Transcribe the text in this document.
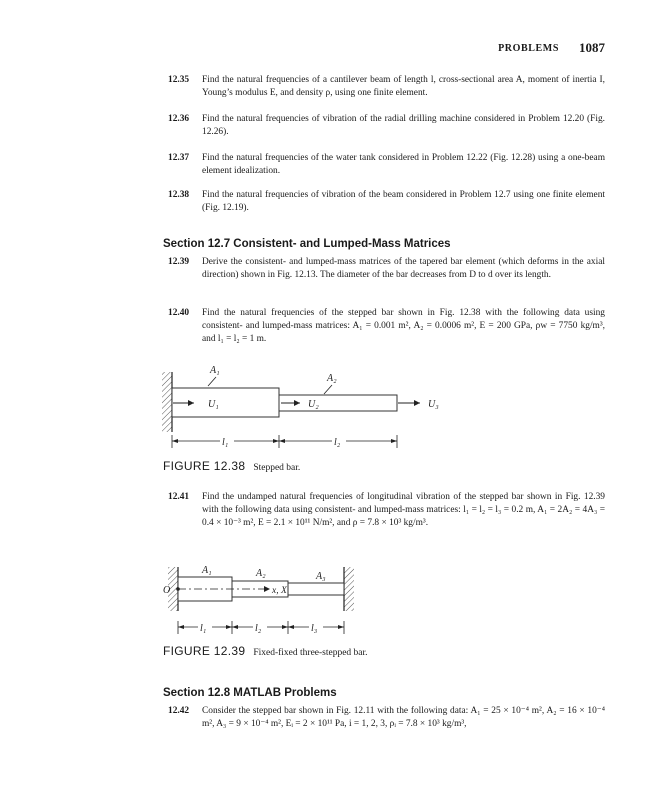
PROBLEMS 1087
12.35 Find the natural frequencies of a cantilever beam of length l, cross-sectional area A, moment of inertia I, Young’s modulus E, and density ρ, using one finite element.
12.36 Find the natural frequencies of vibration of the radial drilling machine considered in Problem 12.20 (Fig. 12.26).
12.37 Find the natural frequencies of the water tank considered in Problem 12.22 (Fig. 12.28) using a one-beam element idealization.
12.38 Find the natural frequencies of vibration of the beam considered in Problem 12.7 using one finite element (Fig. 12.19).
Section 12.7 Consistent- and Lumped-Mass Matrices
12.39 Derive the consistent- and lumped-mass matrices of the tapered bar element (which deforms in the axial direction) shown in Fig. 12.13. The diameter of the bar decreases from D to d over its length.
12.40 Find the natural frequencies of the stepped bar shown in Fig. 12.38 with the following data using consistent- and lumped-mass matrices: A₁ = 0.001 m², A₂ = 0.0006 m², E = 200 GPa, ρw = 7750 kg/m³, and l₁ = l₂ = 1 m.
U₁	U₂	U₃
A₁
A₂
l₁	l₂
FIGURE 12.38 Stepped bar.
12.41 Find the undamped natural frequencies of longitudinal vibration of the stepped bar shown in Fig. 12.39 with the following data using consistent- and lumped-mass matrices: l₁ = l₂ = l₃ = 0.2 m, A₁ = 2A₂ = 4A₃ = 0.4 × 10⁻³ m², E = 2.1 × 10¹¹ N/m², and ρ = 7.8 × 10³ kg/m³.
O	x, X
A₁	A₂	A₃
l₁	l₂	l₃
FIGURE 12.39 Fixed-fixed three-stepped bar.
Section 12.8 MATLAB Problems
12.42 Consider the stepped bar shown in Fig. 12.11 with the following data: A₁ = 25 × 10⁻⁴ m², A₂ = 16 × 10⁻⁴ m², A₃ = 9 × 10⁻⁴ m², Eᵢ = 2 × 10¹¹ Pa, i = 1, 2, 3, ρᵢ = 7.8 × 10³ kg/m³,
